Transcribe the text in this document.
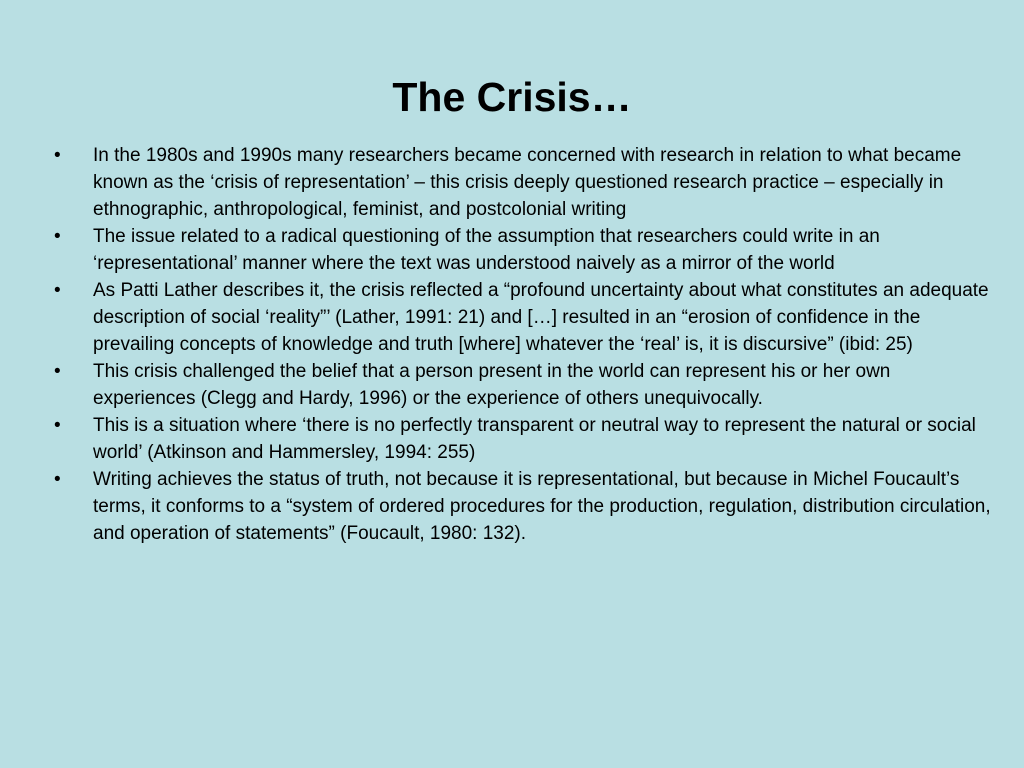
The Crisis…
• In the 1980s and 1990s many researchers became concerned with research in relation to what became known as the ‘crisis of representation’ – this crisis deeply questioned research practice – especially in ethnographic, anthropological, feminist, and postcolonial writing
• The issue related to a radical questioning of the assumption that researchers could write in an ‘representational’ manner where the text was understood naively as a mirror of the world
• As Patti Lather describes it, the crisis reflected a “profound uncertainty about what constitutes an adequate description of social ‘reality”’ (Lather, 1991: 21) and […] resulted in an “erosion of confidence in the prevailing concepts of knowledge and truth [where] whatever the ‘real’ is, it is discursive” (ibid: 25)
• This crisis challenged the belief that a person present in the world can represent his or her own experiences (Clegg and Hardy, 1996) or the experience of others unequivocally.
• This is a situation where ‘there is no perfectly transparent or neutral way to represent the natural or social world’ (Atkinson and Hammersley, 1994: 255)
• Writing achieves the status of truth, not because it is representational, but because in Michel Foucault’s terms, it conforms to a “system of ordered procedures for the production, regulation, distribution circulation, and operation of statements” (Foucault, 1980: 132).
